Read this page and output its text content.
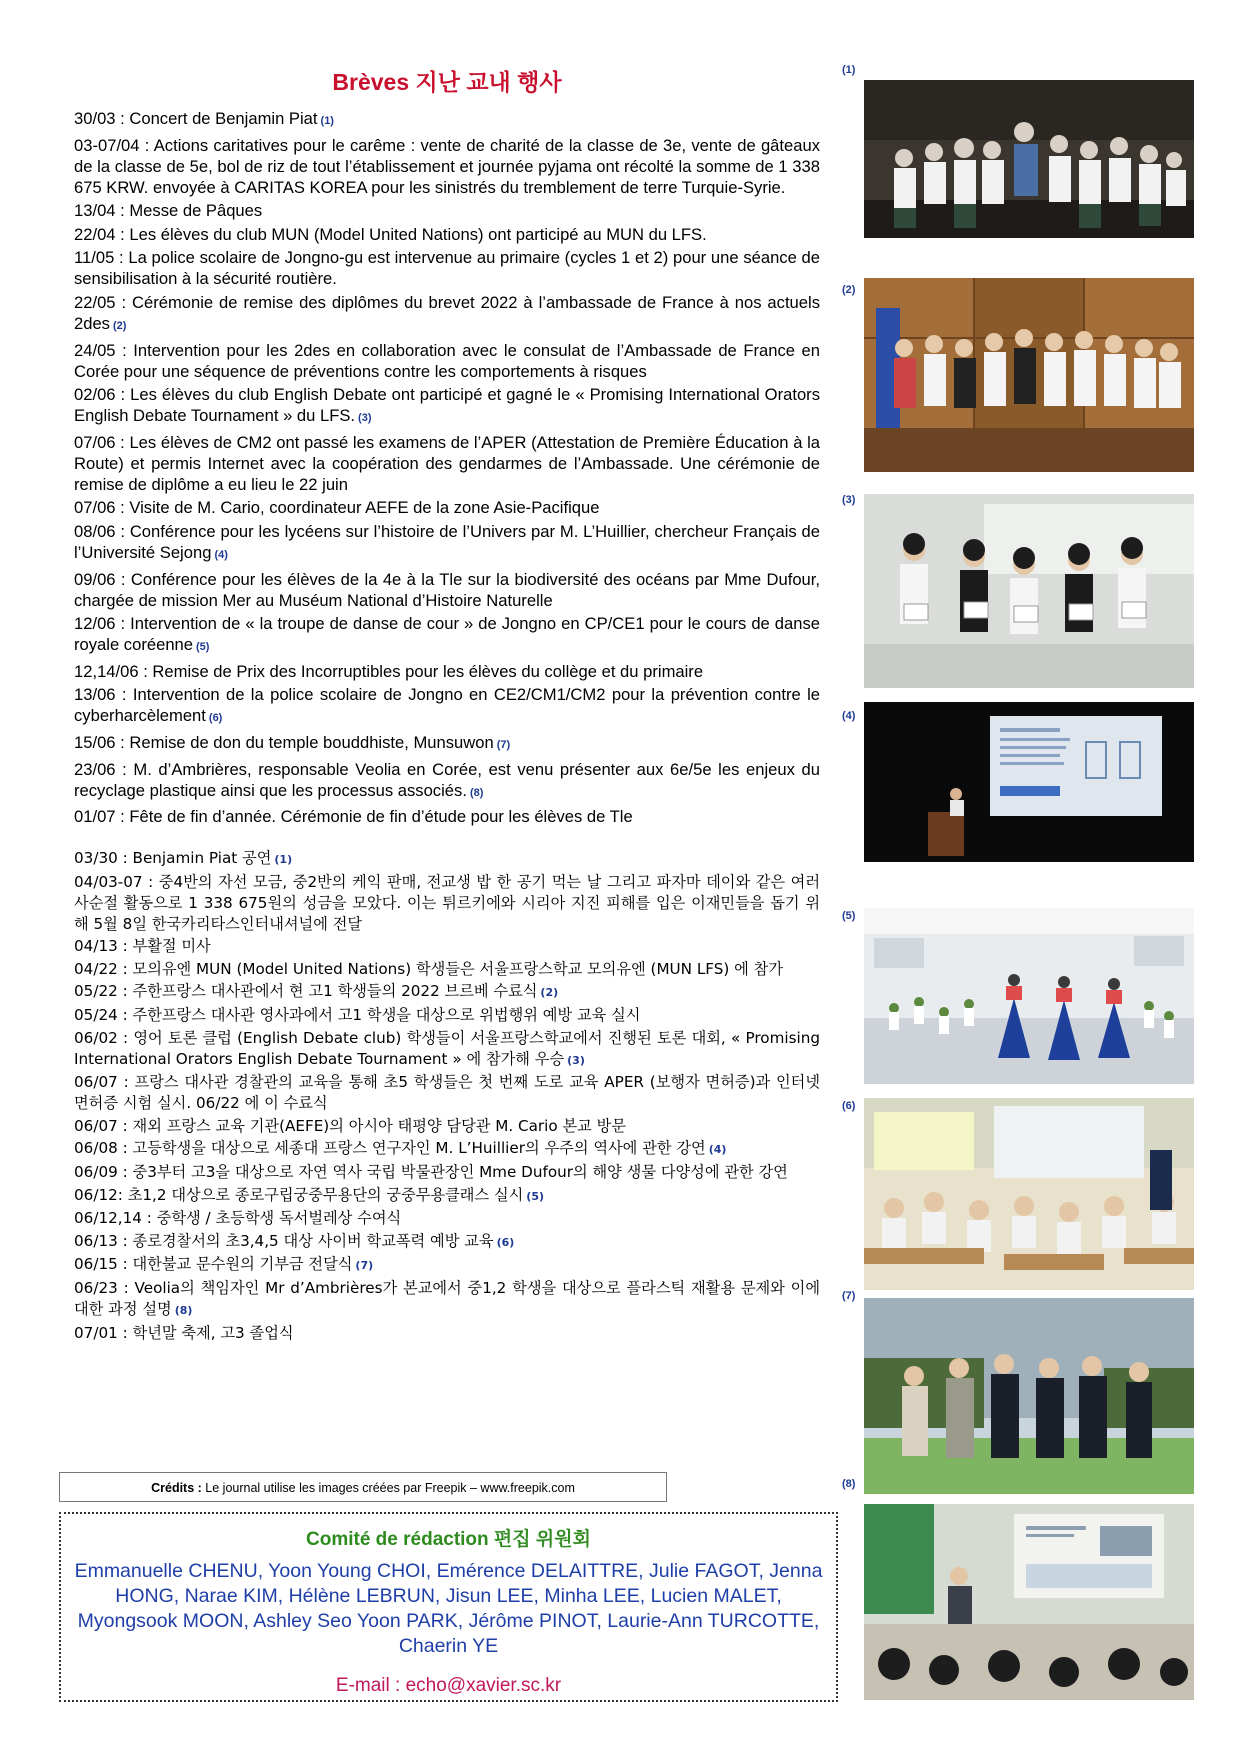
Brèves 지난 교내 행사
30/03 : Concert de Benjamin Piat (1)
03-07/04 : Actions caritatives pour le carême : vente de charité de la classe de 3e, vente de gâteaux de la classe de 5e, bol de riz de tout l’établissement et journée pyjama ont récolté la somme de 1 338 675 KRW. envoyée à CARITAS KOREA pour les sinistrés du tremblement de terre Turquie-Syrie.
13/04 : Messe de Pâques
22/04 : Les élèves du club MUN (Model United Nations) ont participé au MUN du LFS.
11/05 : La police scolaire de Jongno-gu est intervenue au primaire (cycles 1 et 2) pour une séance de sensibilisation à la sécurité routière.
22/05 : Cérémonie de remise des diplômes du brevet 2022 à l’ambassade de France à nos actuels 2des (2)
24/05 : Intervention pour les 2des en collaboration avec le consulat de l’Ambassade de France en Corée pour une séquence de préventions contre les comportements à risques
02/06 : Les élèves du club English Debate ont participé et gagné le « Promising International Orators English Debate Tournament » du LFS. (3)
07/06 : Les élèves de CM2 ont passé les examens de l’APER (Attestation de Première Éducation à la Route) et permis Internet avec la coopération des gendarmes de l’Ambassade. Une cérémonie de remise de diplôme a eu lieu le 22 juin
07/06 : Visite de M. Cario, coordinateur AEFE de la zone Asie-Pacifique
08/06 : Conférence pour les lycéens sur l’histoire de l’Univers par M. L’Huillier, chercheur Français de l’Université Sejong (4)
09/06 : Conférence pour les élèves de la 4e à la Tle sur la biodiversité des océans par Mme Dufour, chargée de mission Mer au Muséum National d’Histoire Naturelle
12/06 : Intervention de « la troupe de danse de cour » de Jongno en CP/CE1 pour le cours de danse royale coréenne (5)
12,14/06 : Remise de Prix des Incorruptibles pour les élèves du collège et du primaire
13/06 : Intervention de la police scolaire de Jongno en CE2/CM1/CM2 pour la prévention contre le cyberharcèlement (6)
15/06 : Remise de don du temple bouddhiste, Munsuwon (7)
23/06 : M. d’Ambrières, responsable Veolia en Corée, est venu présenter aux 6e/5e les enjeux du recyclage plastique ainsi que les processus associés. (8)
01/07 : Fête de fin d’année. Cérémonie de fin d’étude pour les élèves de Tle
03/30 : Benjamin Piat 공연 (1)
04/03-07 : 중4반의 자선 모금, 중2반의 케익 판매, 전교생 밥 한 공기 먹는 날 그리고 파자마 데이와 같은 여러 사순절 활동으로 1 338 675원의 성금을 모았다. 이는 튀르키에와 시리아 지진 피해를 입은 이재민들을 돕기 위해 5월 8일 한국카리타스인터내셔널에 전달
04/13 : 부활절 미사
04/22 : 모의유엔 MUN (Model United Nations) 학생들은 서울프랑스학교 모의유엔 (MUN LFS) 에 참가
05/22 : 주한프랑스 대사관에서 현 고1 학생들의 2022 브르베 수료식 (2)
05/24 : 주한프랑스 대사관 영사과에서 고1 학생을 대상으로 위법행위 예방 교육 실시
06/02 : 영어 토론 클럽 (English Debate club) 학생들이 서울프랑스학교에서 진행된 토론 대회, « Promising International Orators English Debate Tournament » 에 참가해 우승 (3)
06/07 : 프랑스 대사관 경찰관의 교육을 통해 초5 학생들은 첫 번째 도로 교육 APER (보행자 면허증)과 인터넷 면허증 시험 실시. 06/22 에 이 수료식
06/07 : 재외 프랑스 교육 기관(AEFE)의 아시아 태평양 담당관 M. Cario 본교 방문
06/08 : 고등학생을 대상으로 세종대 프랑스 연구자인 M. L’Huillier의 우주의 역사에 관한 강연 (4)
06/09 : 중3부터 고3을 대상으로 자연 역사 국립 박물관장인 Mme Dufour의 해양 생물 다양성에 관한 강연
06/12: 초1,2 대상으로 종로구립궁중무용단의 궁중무용클래스 실시 (5)
06/12,14 : 중학생 / 초등학생 독서벌레상 수여식
06/13 : 종로경찰서의 초3,4,5 대상 사이버 학교폭력 예방 교육 (6)
06/15 : 대한불교 문수원의 기부금 전달식 (7)
06/23 : Veolia의 책임자인 Mr d’Ambrières가 본교에서 중1,2 학생을 대상으로 플라스틱 재활용 문제와 이에 대한 과정 설명 (8)
07/01 : 학년말 축제, 고3 졸업식
Crédits : Le journal utilise les images créées par Freepik – www.freepik.com
Comité de rédaction 편집 위원회
Emmanuelle CHENU, Yoon Young CHOI, Emérence DELAITTRE, Julie FAGOT, Jenna HONG, Narae KIM, Hélène LEBRUN, Jisun LEE, Minha LEE, Lucien MALET, Myongsook MOON, Ashley Seo Yoon PARK, Jérôme PINOT, Laurie-Ann TURCOTTE, Chaerin YE
E-mail : echo@xavier.sc.kr
(1)
(2)
(3)
(4)
(5)
(6)
(7)
(8)
